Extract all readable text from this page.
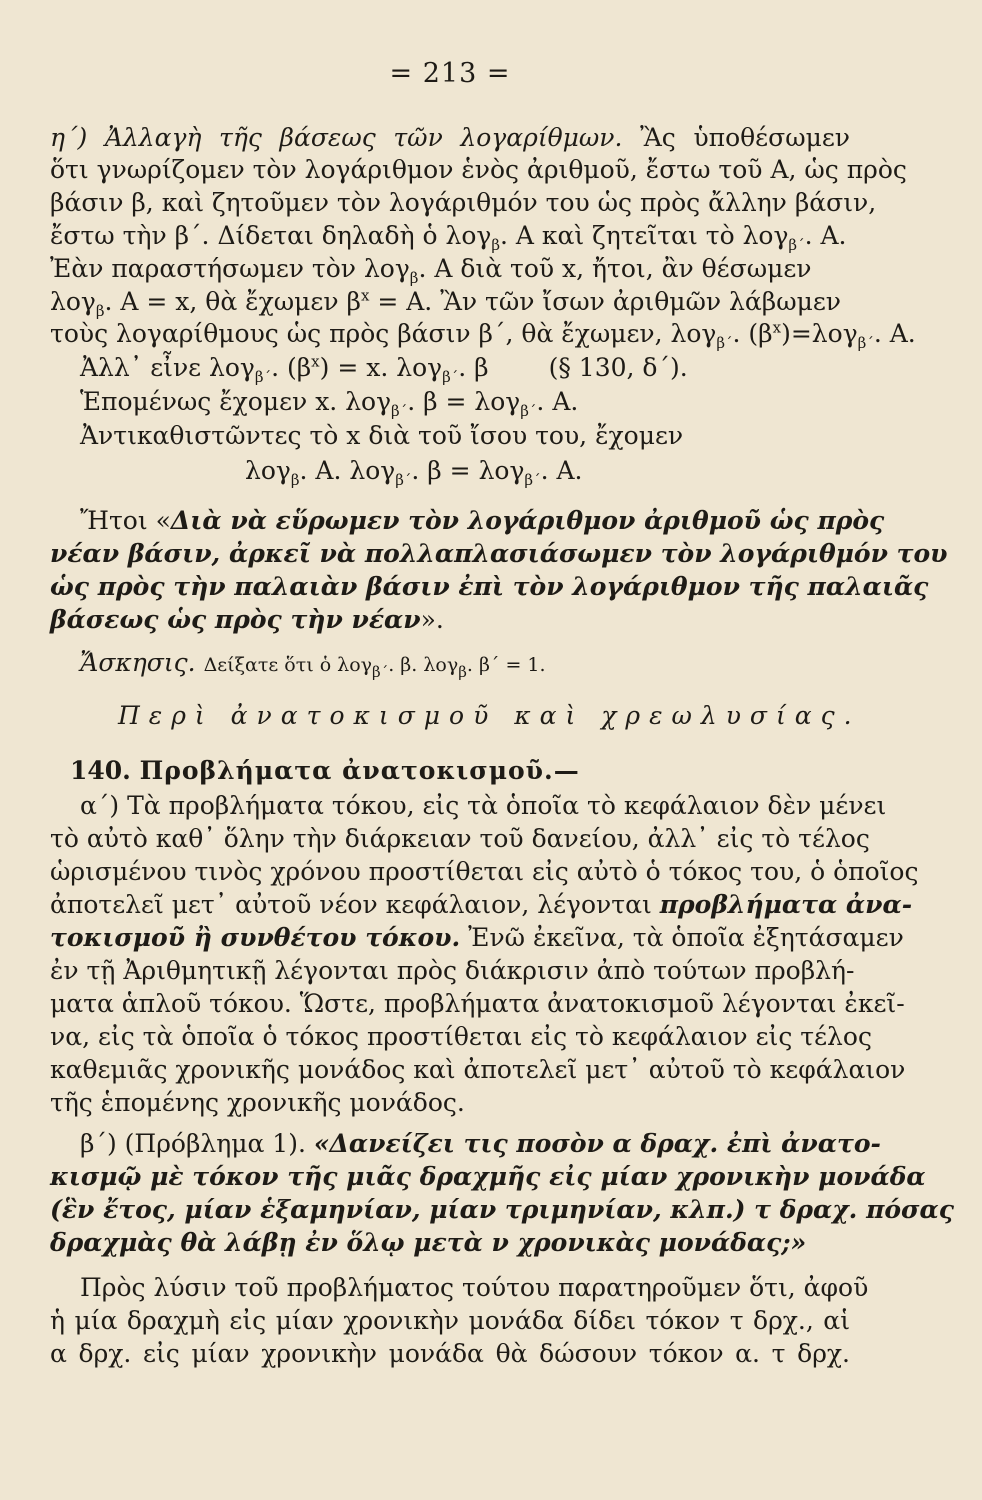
= 213 =
η΄) Ἀλλαγὴ τῆς βάσεως τῶν λογαρίθμων. Ἂς ὑποθέσωμεν
ὅτι γνωρίζομεν τὸν λογάριθμον ἑνὸς ἀριθμοῦ, ἔστω τοῦ Α, ὡς πρὸς
βάσιν β, καὶ ζητοῦμεν τὸν λογάριθμόν του ὡς πρὸς ἄλλην βάσιν,
ἔστω τὴν β΄. Δίδεται δηλαδὴ ὁ λογ$_\beta$. Α καὶ ζητεῖται τὸ λογ$_{\beta΄}$. Α.
Ἐὰν παραστήσωμεν τὸν λογ$_\beta$. Α διὰ τοῦ x, ἤτοι, ἂν θέσωμεν
λογ$_\beta$. Α = x, θὰ ἔχωμεν $\beta^x = A$. Ἂν τῶν ἴσων ἀριθμῶν λάβωμεν
τοὺς λογαρίθμους ὡς πρὸς βάσιν β΄, θὰ ἔχωμεν, λογ$_{\beta΄}$. $(\beta^x)=\lambda o\gamma_{\beta΄}$. Α.
Ἀλλ᾽ εἶνε λογ$_{\beta΄}$. $(\beta^x) = x$. λογ$_{\beta΄}$. β (§ 130, δ΄).
Ἑπομένως ἔχομεν x. λογ$_{\beta΄}$. β = λογ$_{\beta΄}$. Α.
Ἀντικαθιστῶντες τὸ x διὰ τοῦ ἴσου του, ἔχομεν
λογ$_\beta$. Α. λογ$_{\beta΄}$. β = λογ$_{\beta΄}$. Α.
Ἤτοι «Διὰ νὰ εὕρωμεν τὸν λογάριθμον ἀριθμοῦ ὡς πρὸς
νέαν βάσιν, ἀρκεῖ νὰ πολλαπλασιάσωμεν τὸν λογάριθμόν του
ὡς πρὸς τὴν παλαιὰν βάσιν ἐπὶ τὸν λογάριθμον τῆς παλαιᾶς
βάσεως ὡς πρὸς τὴν νέαν».
Ἄσκησις. Δείξατε ὅτι ὁ λογ$_{\beta΄}$. β. λογ$_\beta$. β΄ = 1.
Περὶ ἀνατοκισμοῦ καὶ χρεωλυσίας.
140. Προβλήματα ἀνατοκισμοῦ.—
α΄) Τὰ προβλήματα τόκου, εἰς τὰ ὁποῖα τὸ κεφάλαιον δὲν μένει
τὸ αὐτὸ καθ᾽ ὅλην τὴν διάρκειαν τοῦ δανείου, ἀλλ᾽ εἰς τὸ τέλος
ὡρισμένου τινὸς χρόνου προστίθεται εἰς αὐτὸ ὁ τόκος του, ὁ ὁποῖος
ἀποτελεῖ μετ᾽ αὐτοῦ νέον κεφάλαιον, λέγονται προβλήματα ἀνα-
τοκισμοῦ ἢ συνθέτου τόκου. Ἐνῶ ἐκεῖνα, τὰ ὁποῖα ἐξητάσαμεν
ἐν τῇ Ἀριθμητικῇ λέγονται πρὸς διάκρισιν ἀπὸ τούτων προβλή-
ματα ἁπλοῦ τόκου. Ὥστε, προβλήματα ἀνατοκισμοῦ λέγονται ἐκεῖ-
να, εἰς τὰ ὁποῖα ὁ τόκος προστίθεται εἰς τὸ κεφάλαιον εἰς τέλος
καθεμιᾶς χρονικῆς μονάδος καὶ ἀποτελεῖ μετ᾽ αὐτοῦ τὸ κεφάλαιον
τῆς ἑπομένης χρονικῆς μονάδος.
β΄) (Πρόβλημα 1). «Δανείζει τις ποσὸν α δραχ. ἐπὶ ἀνατο-
κισμῷ μὲ τόκον τῆς μιᾶς δραχμῆς εἰς μίαν χρονικὴν μονάδα
(ἓν ἔτος, μίαν ἑξαμηνίαν, μίαν τριμηνίαν, κλπ.) τ δραχ. πόσας
δραχμὰς θὰ λάβῃ ἐν ὅλῳ μετὰ ν χρονικὰς μονάδας;»
Πρὸς λύσιν τοῦ προβλήματος τούτου παρατηροῦμεν ὅτι, ἀφοῦ
ἡ μία δραχμὴ εἰς μίαν χρονικὴν μονάδα δίδει τόκον τ δρχ., αἱ
α δρχ. εἰς μίαν χρονικὴν μονάδα θὰ δώσουν τόκον α. τ δρχ.
